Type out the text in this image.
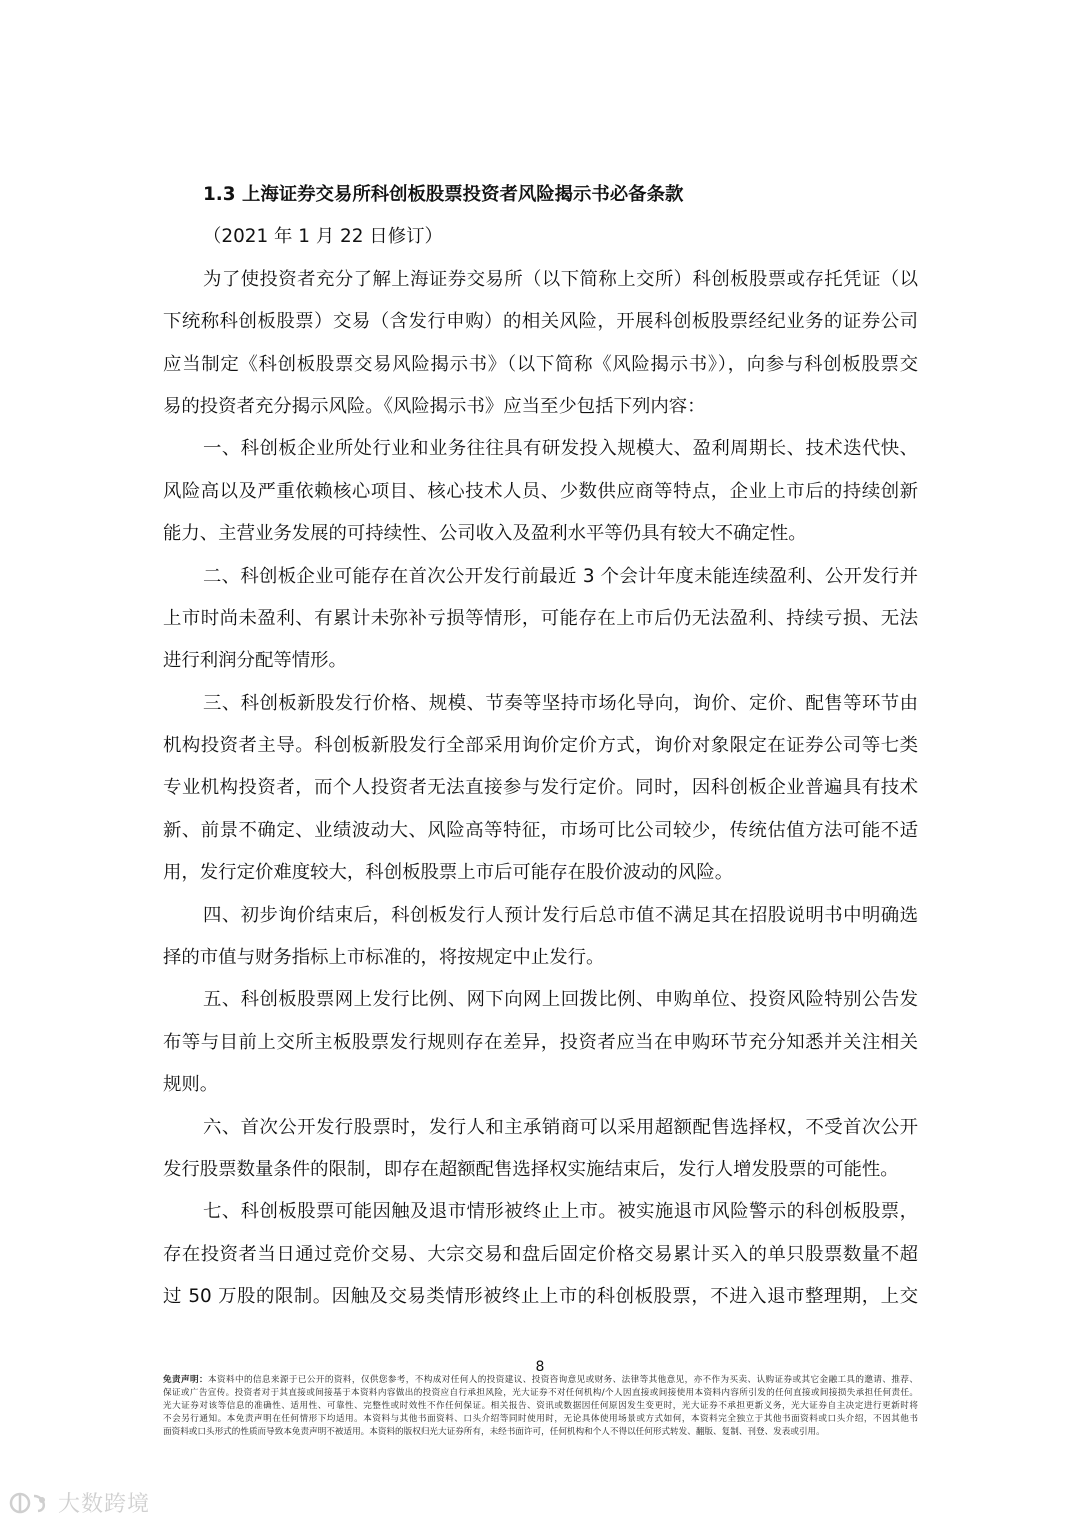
1.3 上海证券交易所科创板股票投资者风险揭示书必备条款
（2021 年 1 月 22 日修订）
为了使投资者充分了解上海证券交易所（以下简称上交所）科创板股票或存托凭证（以
下统称科创板股票）交易（含发行申购）的相关风险，开展科创板股票经纪业务的证券公司
应当制定《科创板股票交易风险揭示书》（以下简称《风险揭示书》），向参与科创板股票交
易的投资者充分揭示风险。《风险揭示书》应当至少包括下列内容：
一、科创板企业所处行业和业务往往具有研发投入规模大、盈利周期长、技术迭代快、
风险高以及严重依赖核心项目、核心技术人员、少数供应商等特点，企业上市后的持续创新
能力、主营业务发展的可持续性、公司收入及盈利水平等仍具有较大不确定性。
二、科创板企业可能存在首次公开发行前最近 3 个会计年度未能连续盈利、公开发行并
上市时尚未盈利、有累计未弥补亏损等情形，可能存在上市后仍无法盈利、持续亏损、无法
进行利润分配等情形。
三、科创板新股发行价格、规模、节奏等坚持市场化导向，询价、定价、配售等环节由
机构投资者主导。科创板新股发行全部采用询价定价方式，询价对象限定在证券公司等七类
专业机构投资者，而个人投资者无法直接参与发行定价。同时，因科创板企业普遍具有技术
新、前景不确定、业绩波动大、风险高等特征，市场可比公司较少，传统估值方法可能不适
用，发行定价难度较大，科创板股票上市后可能存在股价波动的风险。
四、初步询价结束后，科创板发行人预计发行后总市值不满足其在招股说明书中明确选
择的市值与财务指标上市标准的，将按规定中止发行。
五、科创板股票网上发行比例、网下向网上回拨比例、申购单位、投资风险特别公告发
布等与目前上交所主板股票发行规则存在差异，投资者应当在申购环节充分知悉并关注相关
规则。
六、首次公开发行股票时，发行人和主承销商可以采用超额配售选择权，不受首次公开
发行股票数量条件的限制，即存在超额配售选择权实施结束后，发行人增发股票的可能性。
七、科创板股票可能因触及退市情形被终止上市。被实施退市风险警示的科创板股票，
存在投资者当日通过竞价交易、大宗交易和盘后固定价格交易累计买入的单只股票数量不超
过 50 万股的限制。因触及交易类情形被终止上市的科创板股票，不进入退市整理期，上交
8
免责声明：本资料中的信息来源于已公开的资料，仅供您参考，不构成对任何人的投资建议、投资咨询意见或财务、法律等其他意见，亦不作为买卖、认购证券或其它金融工具的邀请、推荐、
保证或广告宣传。投资者对于其直接或间接基于本资料内容做出的投资应自行承担风险，光大证券不对任何机构/个人因直接或间接使用本资料内容所引发的任何直接或间接损失承担任何责任。
光大证券对该等信息的准确性、适用性、可靠性、完整性或时效性不作任何保证。相关报告、资讯或数据因任何原因发生变更时，光大证券不承担更新义务，光大证券自主决定进行更新时将
不会另行通知。本免责声明在任何情形下均适用。本资料与其他书面资料、口头介绍等同时使用时，无论具体使用场景或方式如何，本资料完全独立于其他书面资料或口头介绍，不因其他书
面资料或口头形式的性质而导致本免责声明不被适用。本资料的版权归光大证券所有，未经书面许可，任何机构和个人不得以任何形式转发、翻版、复制、刊登、发表或引用。
大数跨境
